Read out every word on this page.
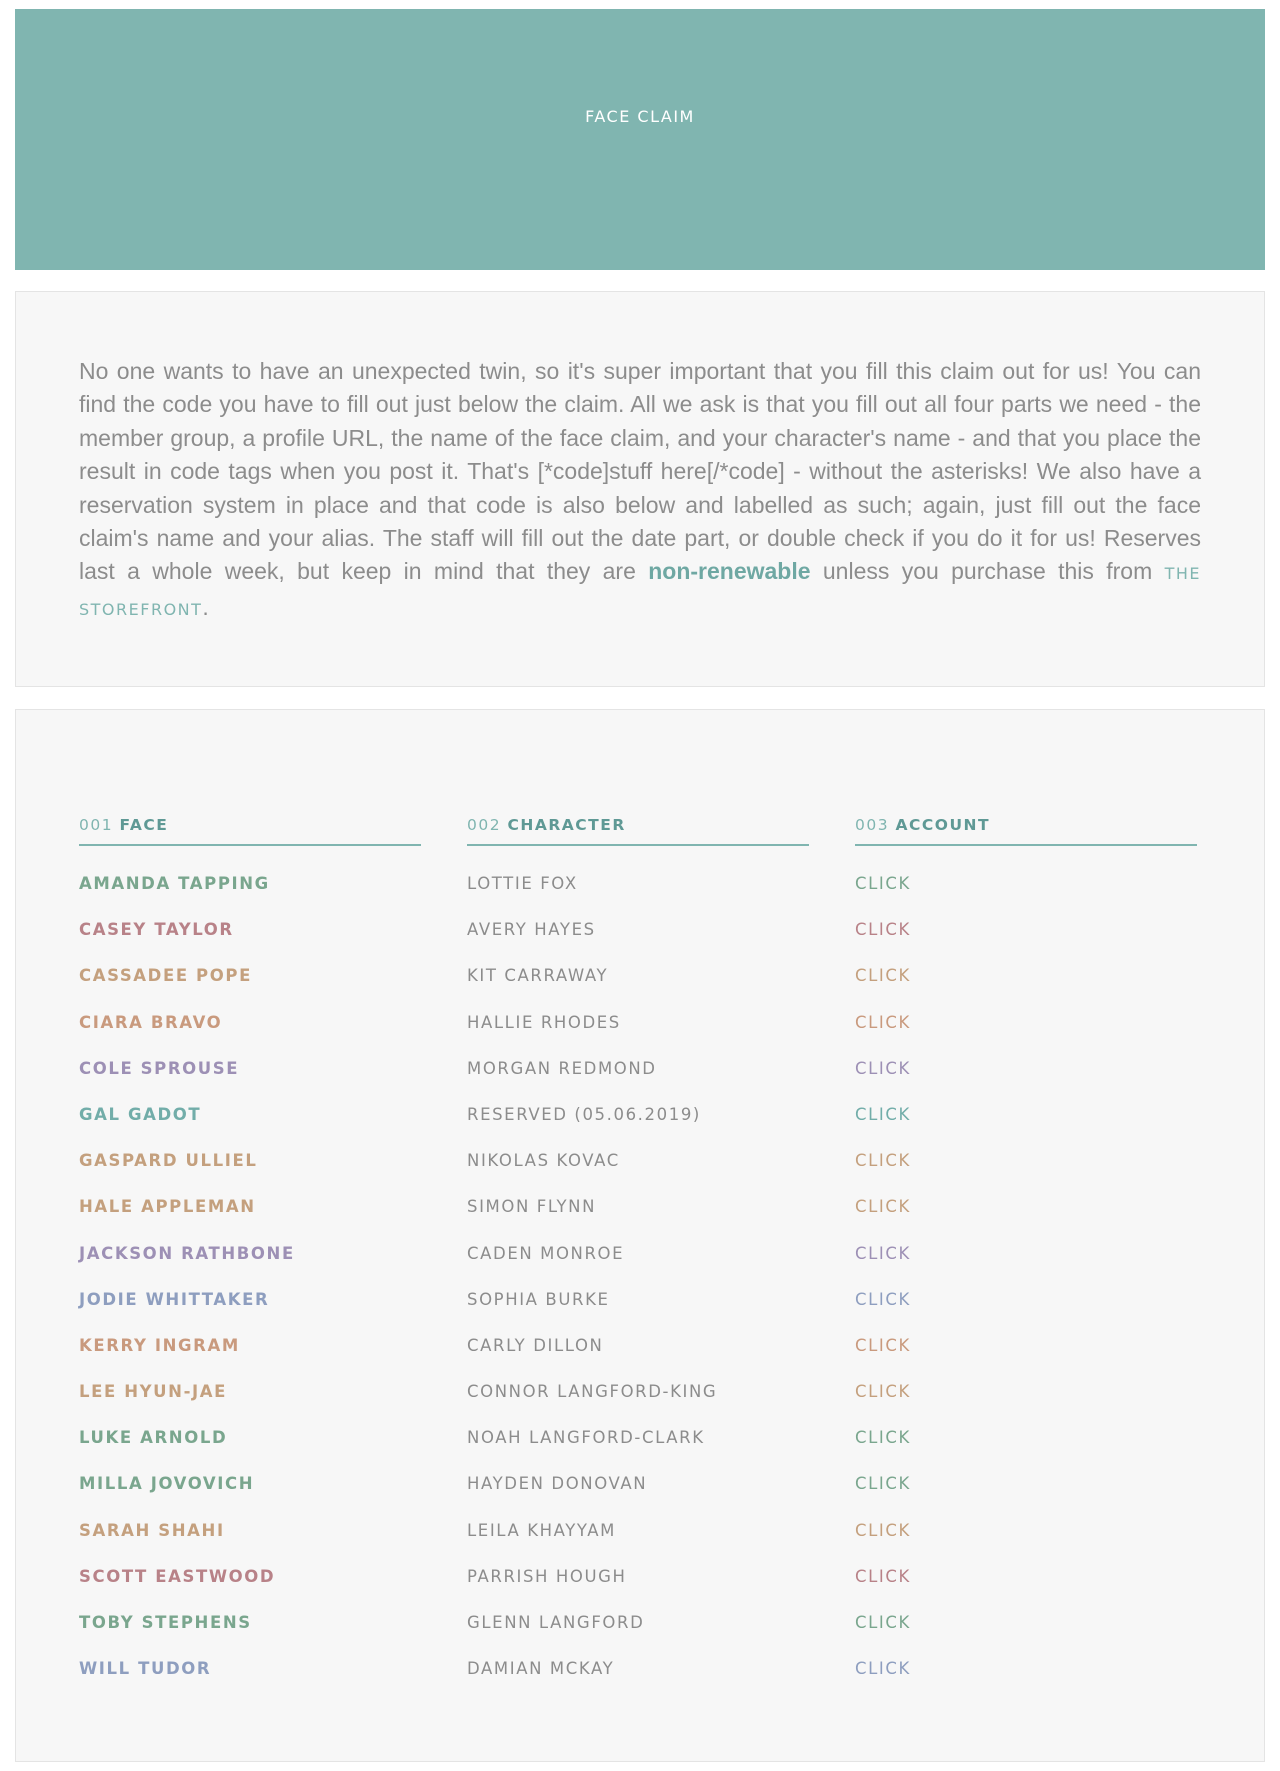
FACE CLAIM

No one wants to have an unexpected twin, so it's super important that you fill this claim out for us! You can find the code you have to fill out just below the claim. All we ask is that you fill out all four parts we need - the member group, a profile URL, the name of the face claim, and your character's name - and that you place the result in code tags when you post it. That's [*code]stuff here[/*code] - without the asterisks! We also have a reservation system in place and that code is also below and labelled as such; again, just fill out the face claim's name and your alias. The staff will fill out the date part, or double check if you do it for us! Reserves last a whole week, but keep in mind that they are non-renewable unless you purchase this from THE STOREFRONT.

001 FACE	002 CHARACTER	003 ACCOUNT
AMANDA TAPPING	LOTTIE FOX	CLICK
CASEY TAYLOR	AVERY HAYES	CLICK
CASSADEE POPE	KIT CARRAWAY	CLICK
CIARA BRAVO	HALLIE RHODES	CLICK
COLE SPROUSE	MORGAN REDMOND	CLICK
GAL GADOT	RESERVED (05.06.2019)	CLICK
GASPARD ULLIEL	NIKOLAS KOVAC	CLICK
HALE APPLEMAN	SIMON FLYNN	CLICK
JACKSON RATHBONE	CADEN MONROE	CLICK
JODIE WHITTAKER	SOPHIA BURKE	CLICK
KERRY INGRAM	CARLY DILLON	CLICK
LEE HYUN-JAE	CONNOR LANGFORD-KING	CLICK
LUKE ARNOLD	NOAH LANGFORD-CLARK	CLICK
MILLA JOVOVICH	HAYDEN DONOVAN	CLICK
SARAH SHAHI	LEILA KHAYYAM	CLICK
SCOTT EASTWOOD	PARRISH HOUGH	CLICK
TOBY STEPHENS	GLENN LANGFORD	CLICK
WILL TUDOR	DAMIAN MCKAY	CLICK
